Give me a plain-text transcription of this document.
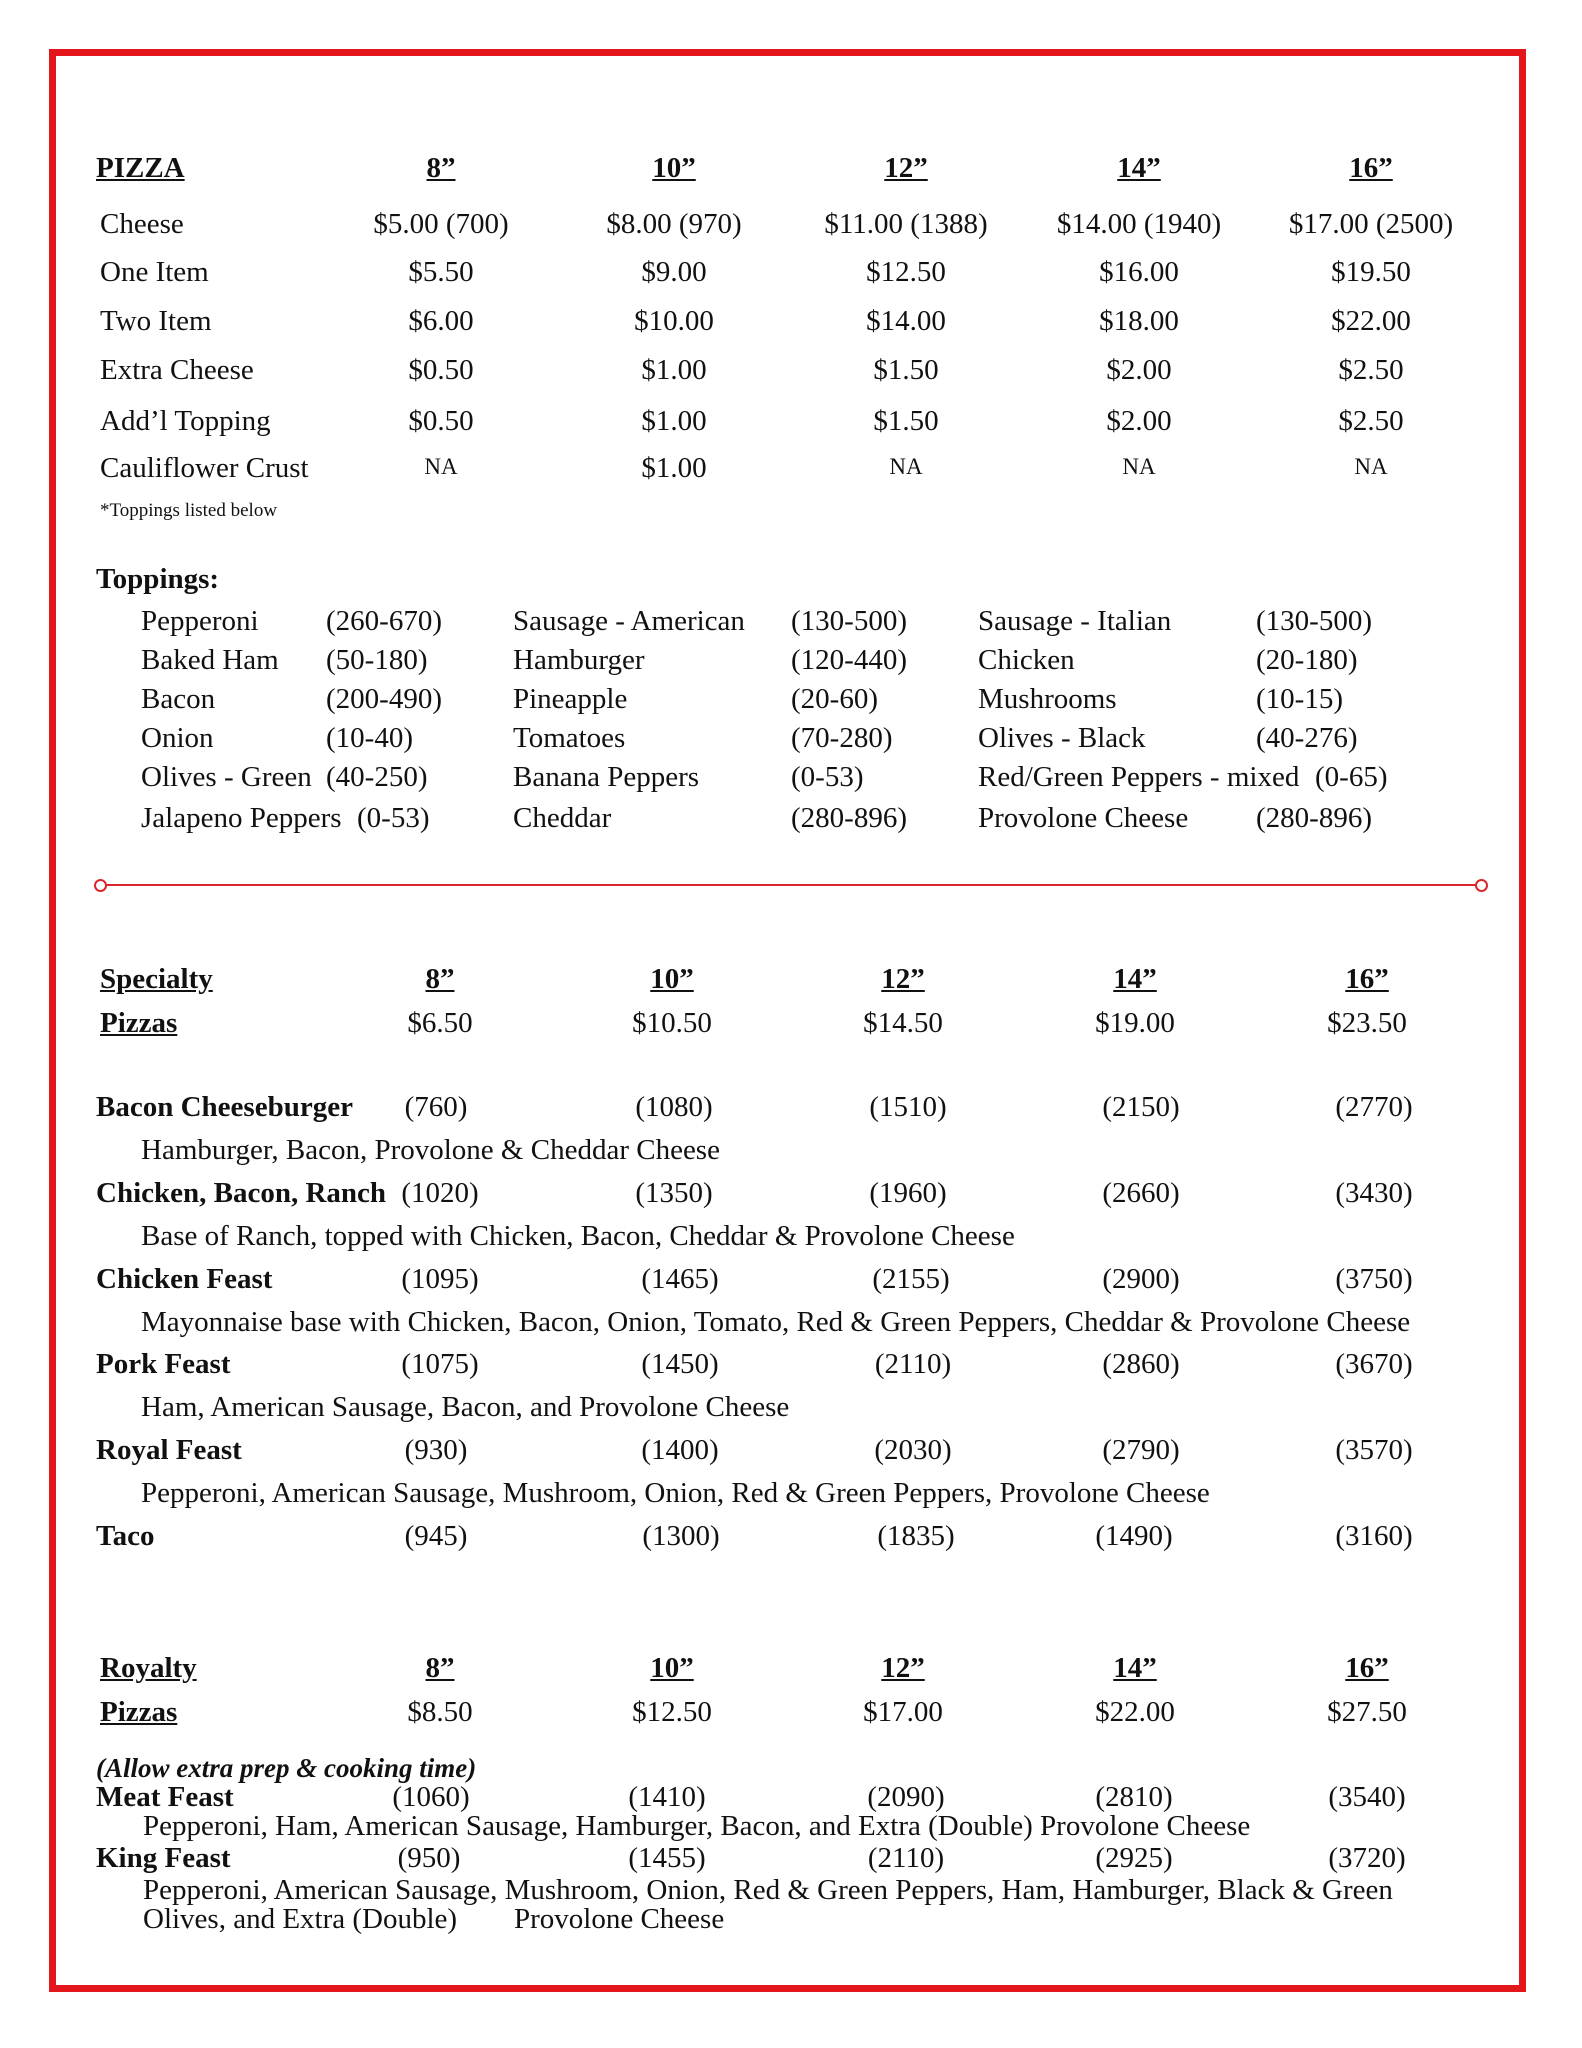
PIZZA	8”	10”	12”	14”	16”
Cheese	$5.00 (700)	$8.00 (970)	$11.00 (1388) $14.00 (1940) $17.00 (2500)
One Item	$5.50	$9.00	$12.50	$16.00	$19.50
Two Item	$6.00	$10.00	$14.00	$18.00	$22.00
Extra Cheese	$0.50	$1.00	$1.50	$2.00	$2.50
Add’l Topping	$0.50	$1.00	$1.50	$2.00	$2.50
Cauliflower Crust	NA	$1.00	NA	NA	NA
*Toppings listed below
Toppings:
Pepperoni (260-670) Sausage - American (130-500) Sausage - Italian	(130-500)
Baked Ham (50-180)	Hamburger	(120-440) Chicken	(20-180)
Bacon	(200-490) Pineapple	(20-60)	Mushrooms	(10-15)
Onion	(10-40)	Tomatoes	(70-280)	Olives - Black	(40-276)
Olives - Green (40-250)	Banana Peppers	(0-53)	Red/Green Peppers - mixed (0-65)
Jalapeno Peppers (0-53)	Cheddar	(280-896) Provolone Cheese (280-896)
Specialty
Pizzas
8”	10”	12”	14”	16”
$6.50	$10.50	$14.50	$19.00	$23.50
Bacon Cheeseburger (760)	(1080)	(1510)	(2150)	(2770)
Hamburger, Bacon, Provolone & Cheddar Cheese
Chicken, Bacon, Ranch (1020)	(1350)	(1960)	(2660)	(3430)
Base of Ranch, topped with Chicken, Bacon, Cheddar & Provolone Cheese
Chicken Feast	(1095)	(1465)	(2155)	(2900)	(3750)
Mayonnaise base with Chicken, Bacon, Onion, Tomato, Red & Green Peppers, Cheddar & Provolone Cheese
Pork Feast	(1075)	(1450)	(2110)	(2860)	(3670)
Ham, American Sausage, Bacon, and Provolone Cheese
Royal Feast	(930)	(1400)	(2030)	(2790)	(3570)
Pepperoni, American Sausage, Mushroom, Onion, Red & Green Peppers, Provolone Cheese
Taco	(945)	(1300)	(1835)	(1490)	(3160)
Royalty
Pizzas
8”	10”	12”	14”	16”
$8.50	$12.50	$17.00	$22.00	$27.50
(Allow extra prep & cooking time)
Meat Feast	(1060)	(1410)	(2090)	(2810)	(3540)
Pepperoni, Ham, American Sausage, Hamburger, Bacon, and Extra (Double) Provolone Cheese
King Feast	(950)	(1455)	(2110)	(2925)	(3720)
Pepperoni, American Sausage, Mushroom, Onion, Red & Green Peppers, Ham, Hamburger, Black & Green
Olives, and Extra (Double) Provolone Cheese
